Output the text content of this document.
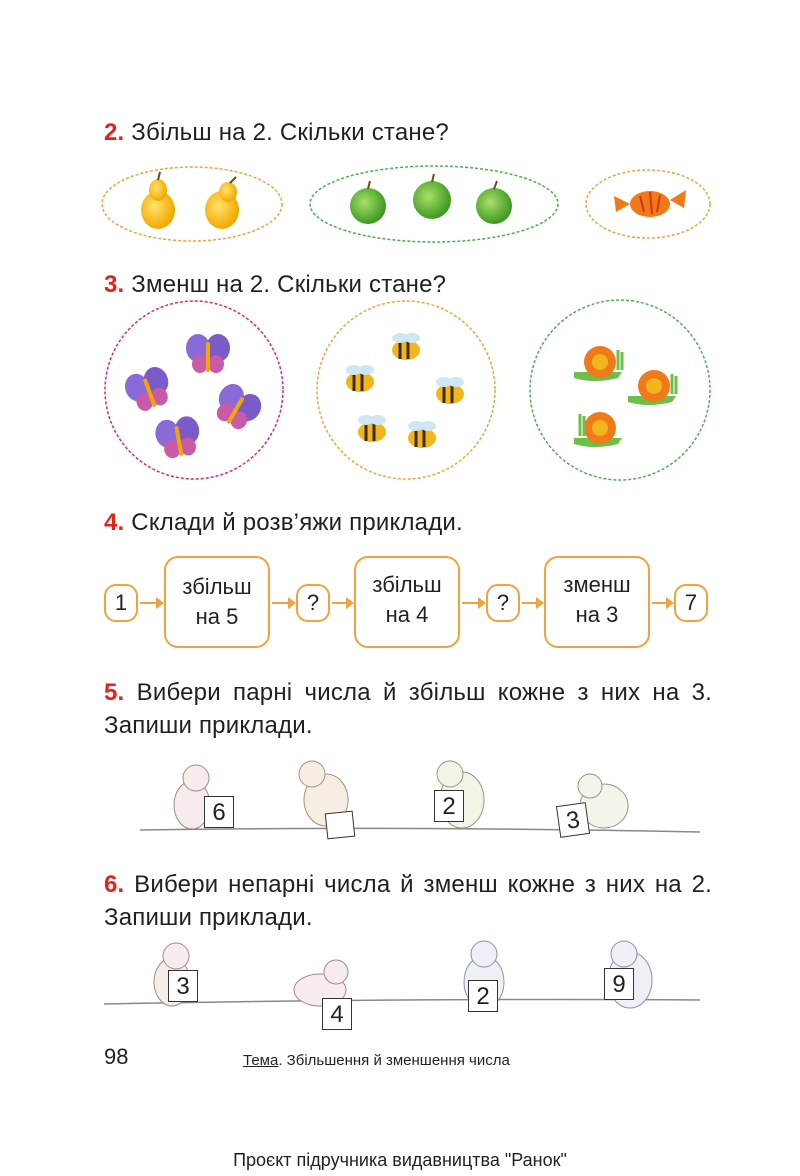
2. Збільш на 2. Скільки стане?
3. Зменш на 2. Скільки стане?
4. Склади й розв’яжи приклади.
1
збільш
на 5
?
збільш
на 4	?
зменш
на 3	7
5. Вибери парні числа й збільш кожне з них на 3. Запиши приклади.
6	2	3
6. Вибери непарні числа й зменш кожне з них на 2. Запиши приклади.
3
4
2	9
98	Тема. Збільшення й зменшення числа
Проєкт підручника видавництва "Ранок"
